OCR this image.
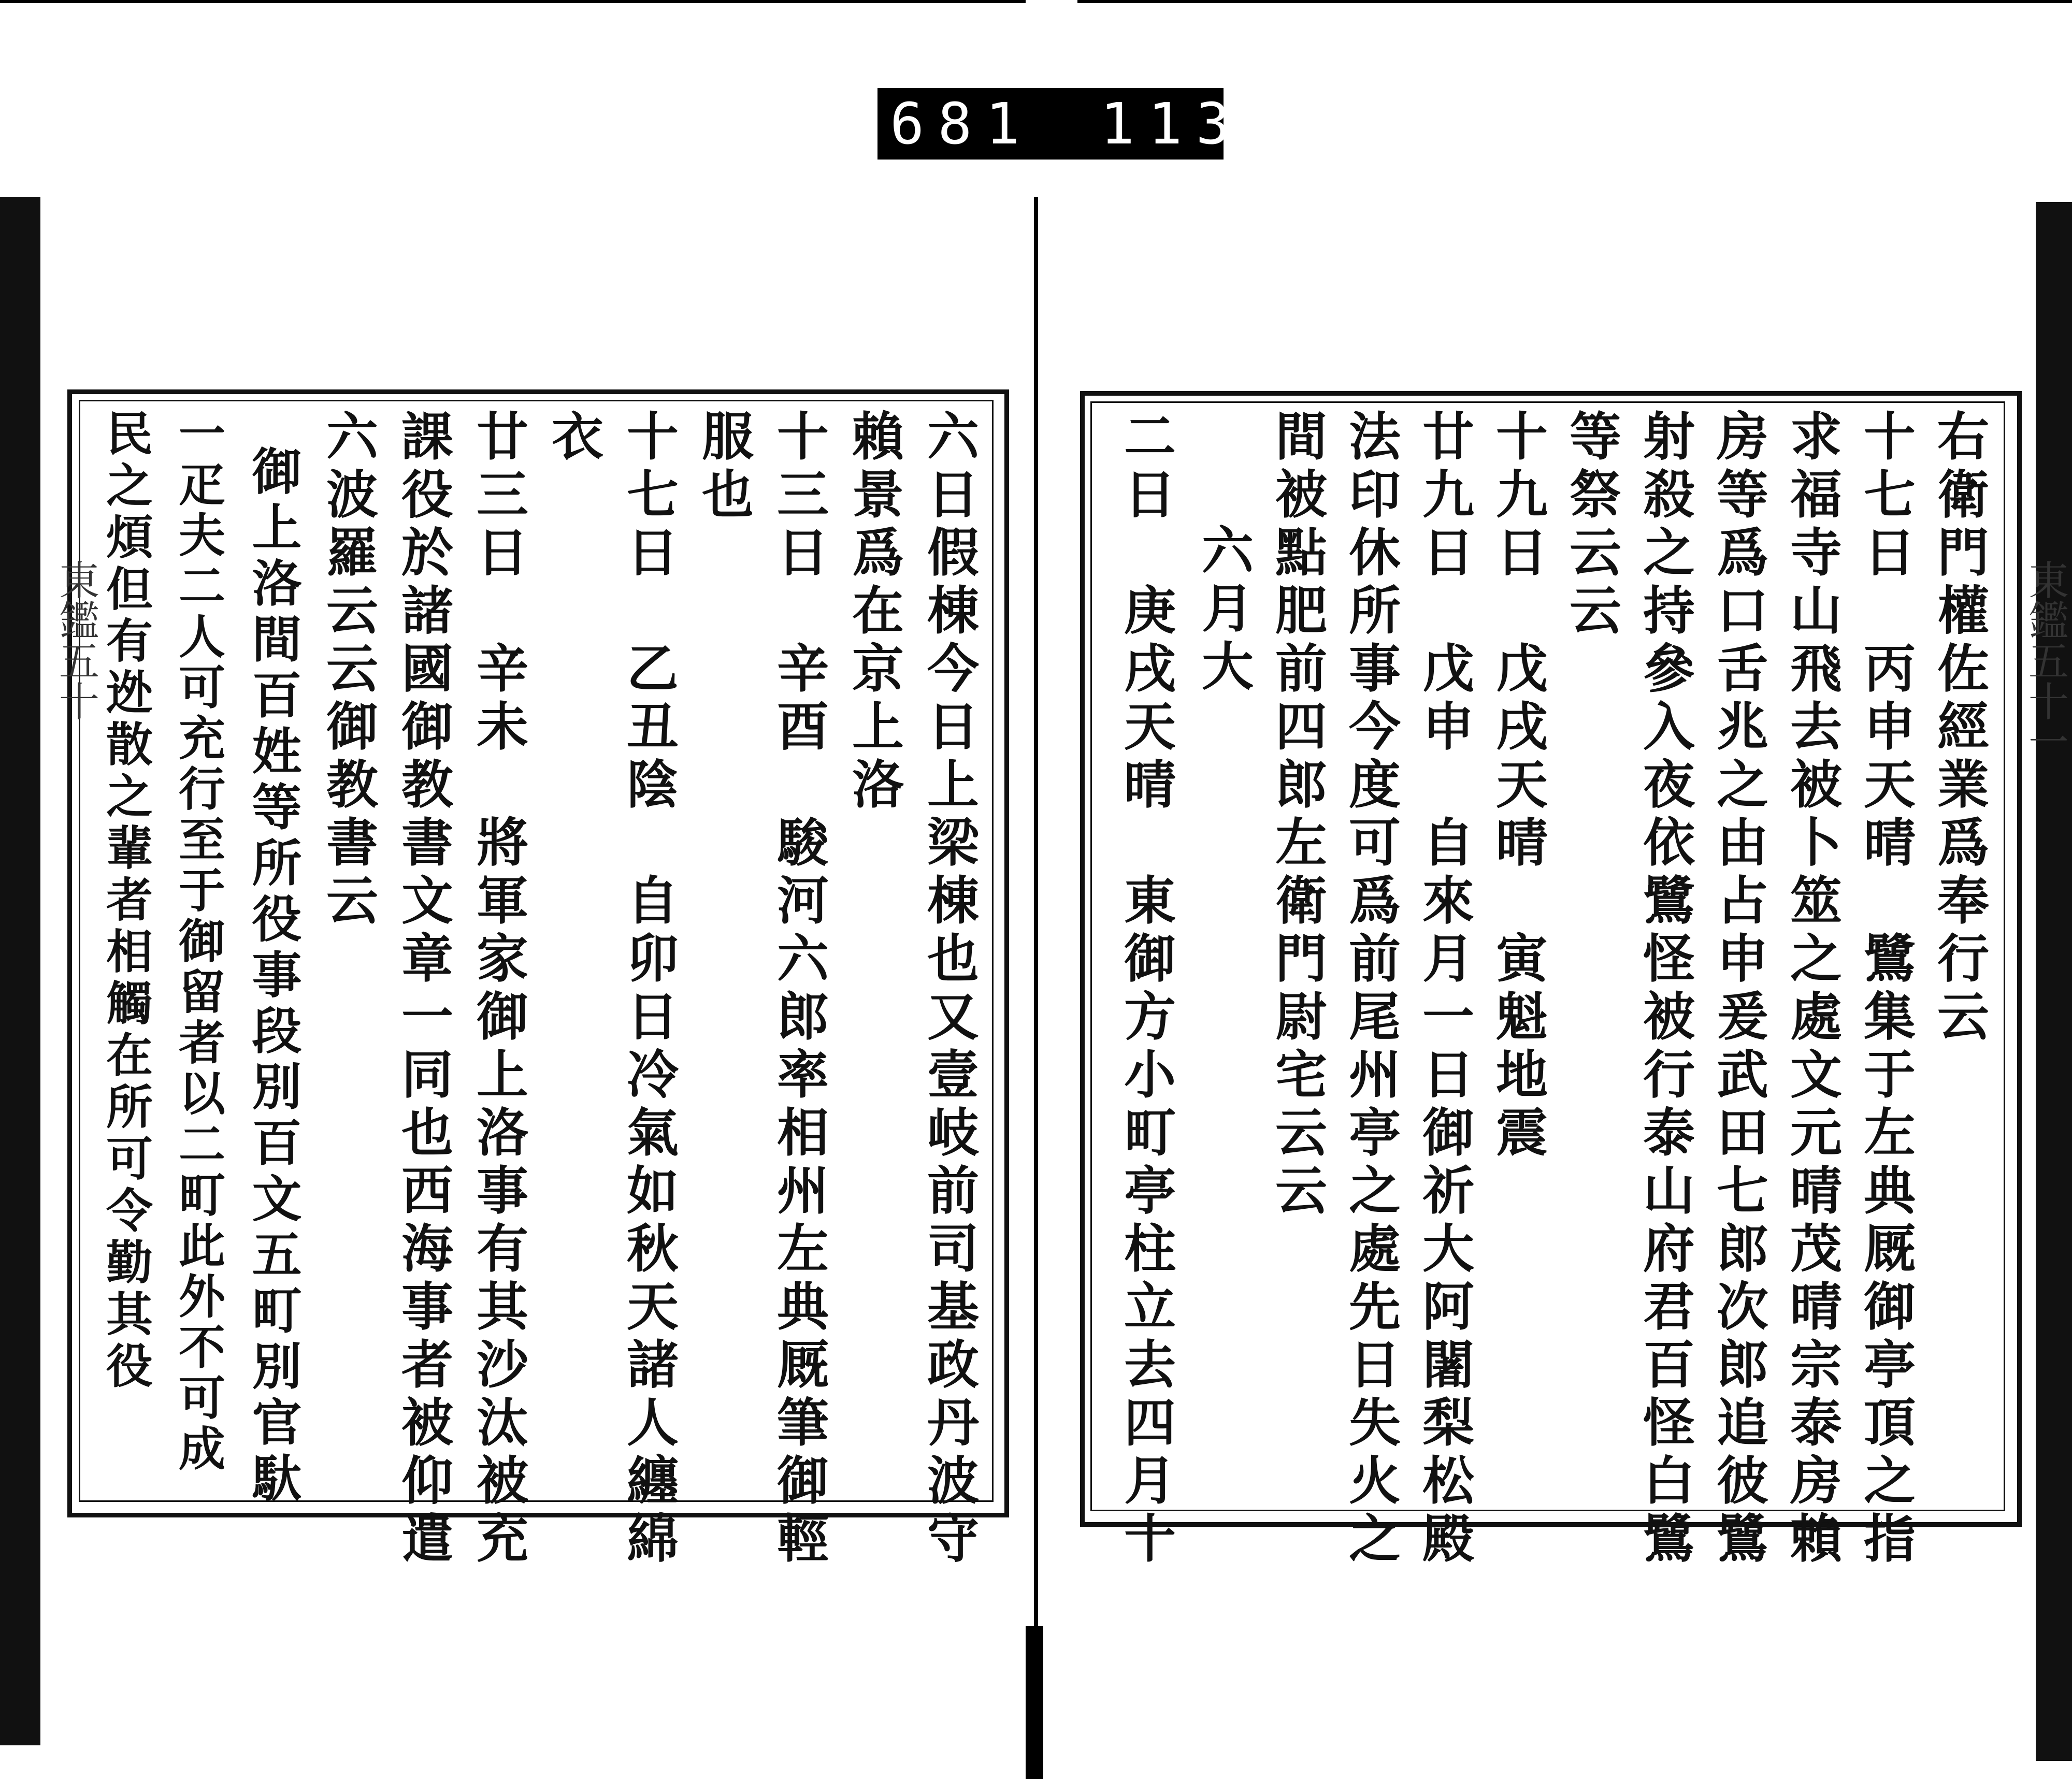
681 113
東鑑五十	東鑑五十一
六日假棟今日上梁棟也又壹岐前司基政丹波守
賴景爲在京上洛
十三日　辛酉　駿河六郎率相州左典厩筆御輕
服也
十七日　乙丑陰　自卯日冷氣如秋天諸人纏綿
衣
廿三日　辛未　將軍家御上洛事有其沙汰被充
課役於諸國御教書文章一同也西海事者被仰遣
六波羅云云御教書云
御上洛間百姓等所役事段別百文五町別官馱
一疋夫二人可充行至于御留者以二町此外不可成
民之煩但有迯散之輩者相觸在所可令勤其役	右衛門權佐經業爲奉行云
十七日　丙申天晴　鷺集于左典厩御亭頂之指
求福寺山飛去被卜筮之處文元晴茂晴宗泰房賴
房等爲口舌兆之由占申爰武田七郎次郎追彼鷺
射殺之持參入夜依鷺怪被行泰山府君百怪白鷺
等祭云云
十九日　戊戌天晴　寅魁地震
廿九日　戊申　自來月一日御祈大阿闍梨松殿
法印休所事今度可爲前尾州亭之處先日失火之
間被點肥前四郎左衛門尉宅云云
六月大
二日　庚戌天晴　東御方小町亭柱立去四月十
